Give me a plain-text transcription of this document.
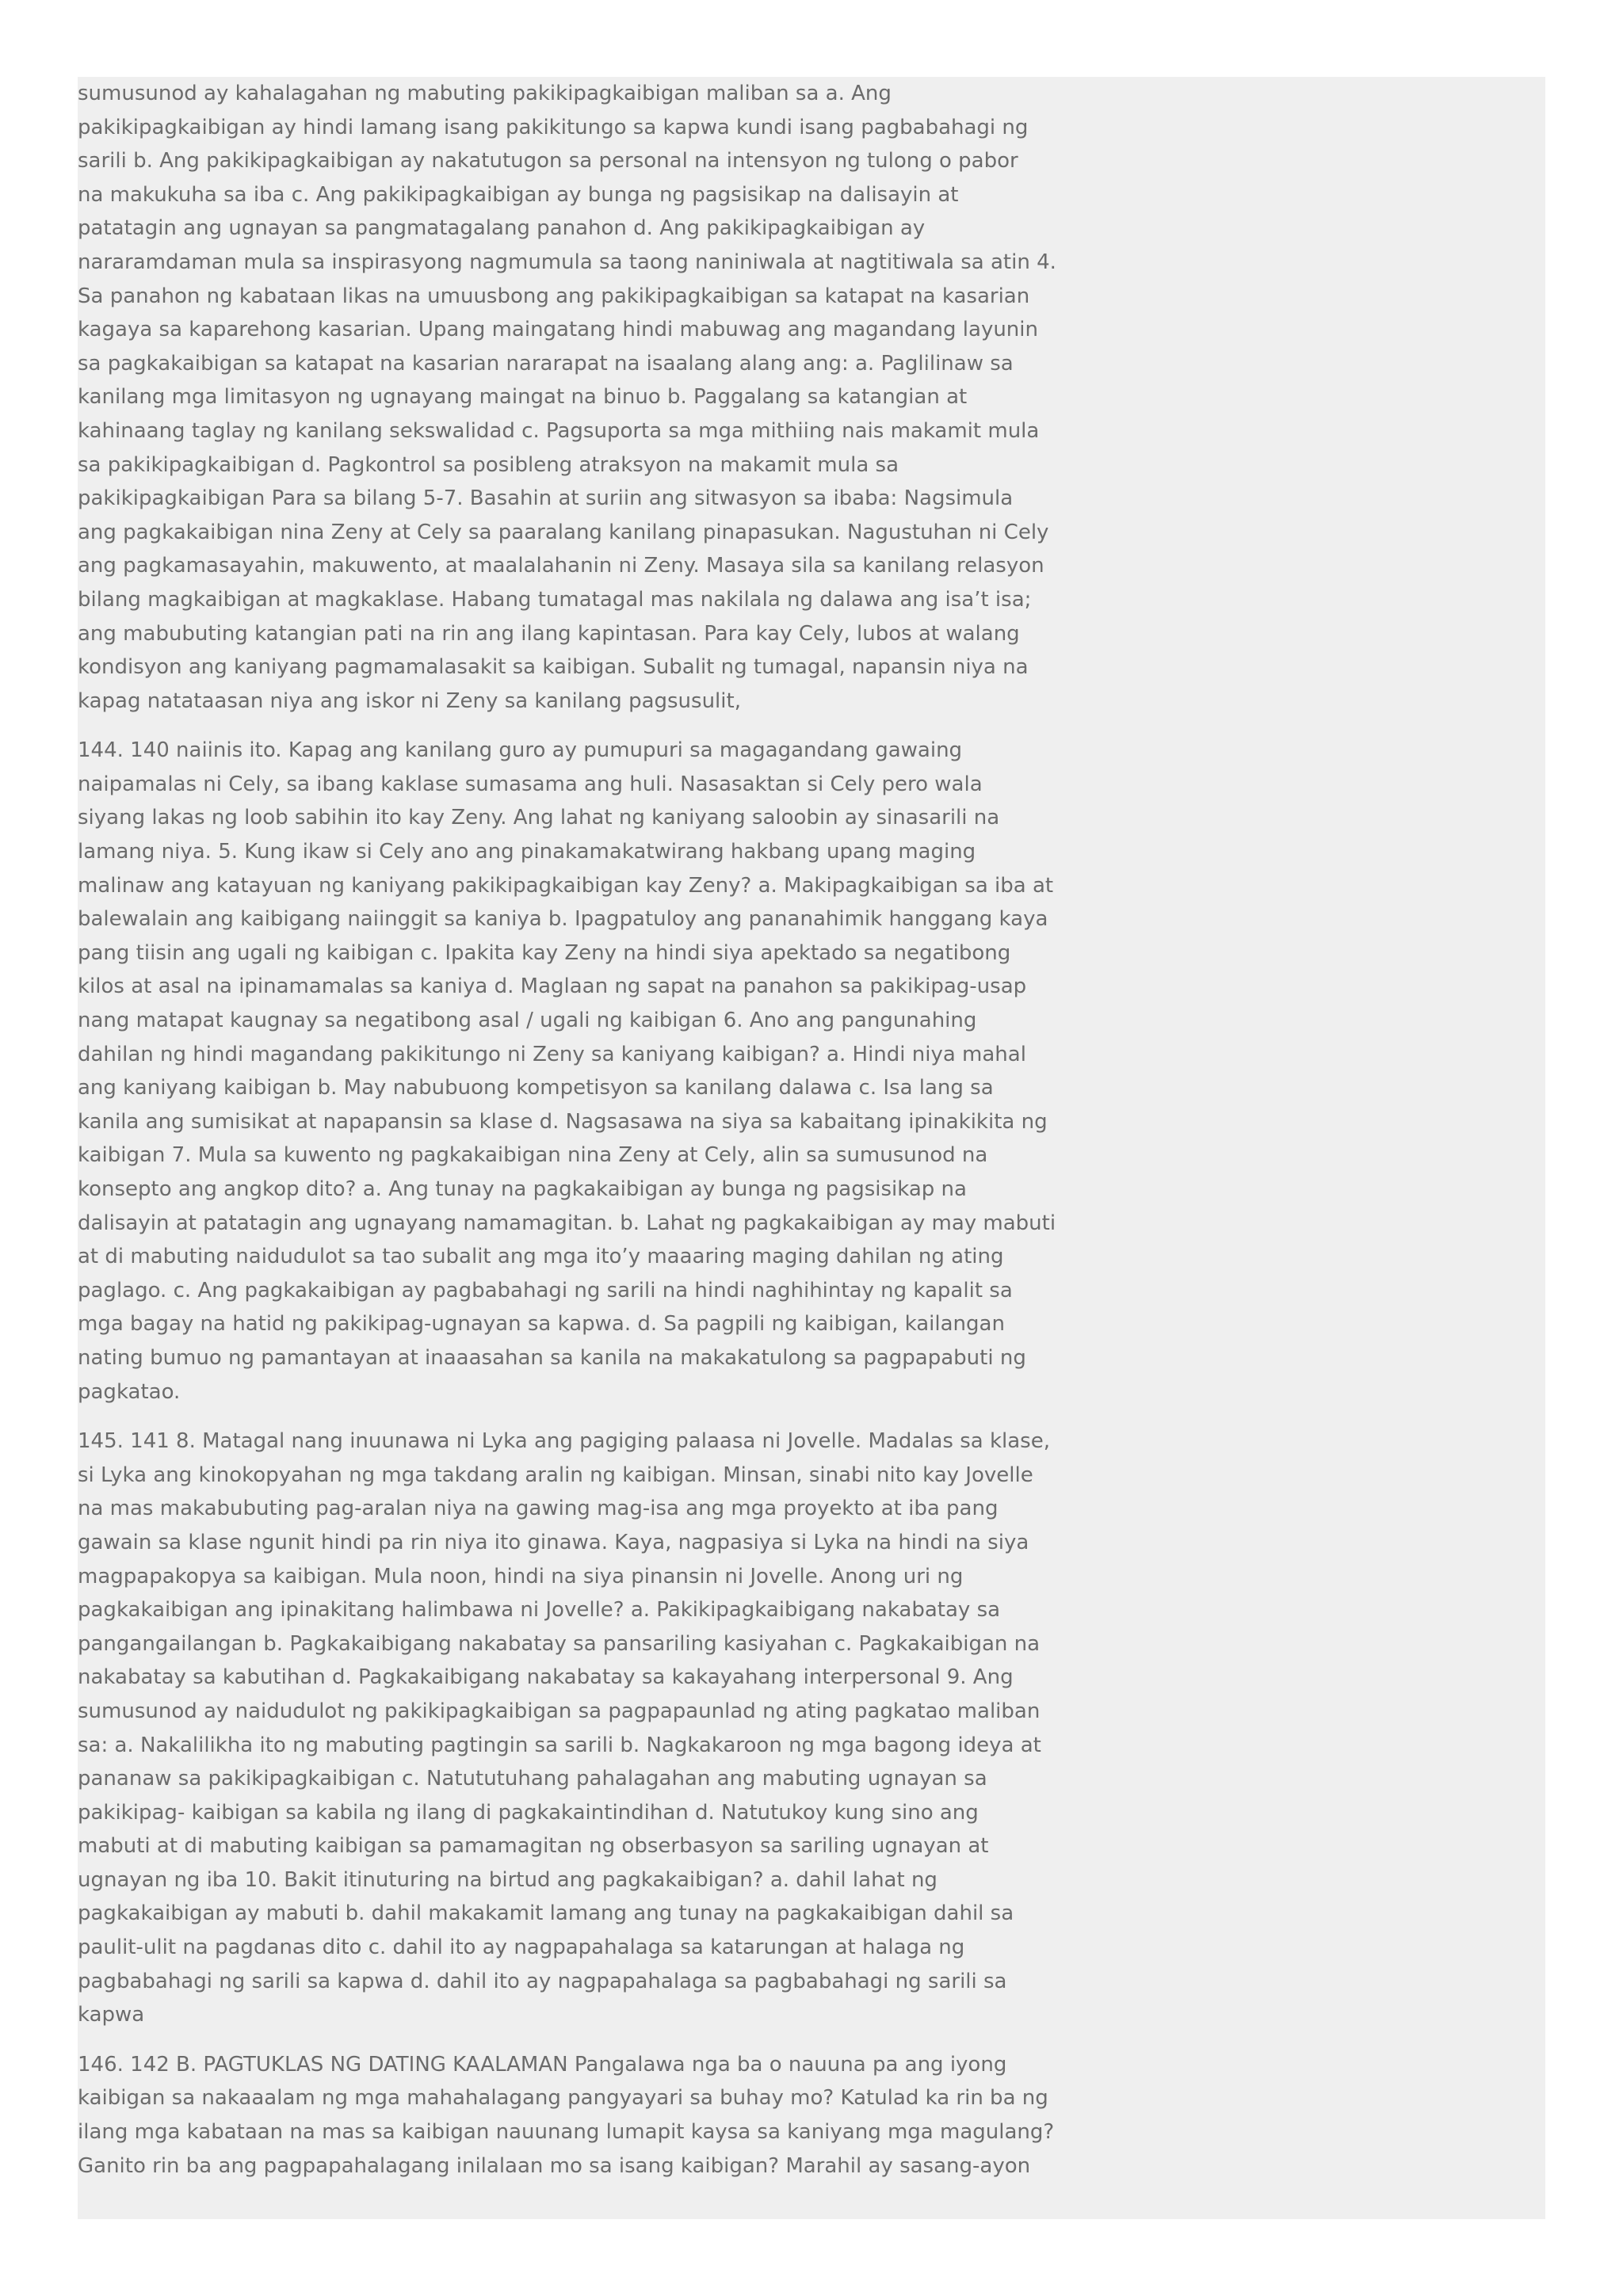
sumusunod ay kahalagahan ng mabuting pakikipagkaibigan maliban sa a. Ang
pakikipagkaibigan ay hindi lamang isang pakikitungo sa kapwa kundi isang pagbabahagi ng
sarili b. Ang pakikipagkaibigan ay nakatutugon sa personal na intensyon ng tulong o pabor
na makukuha sa iba c. Ang pakikipagkaibigan ay bunga ng pagsisikap na dalisayin at
patatagin ang ugnayan sa pangmatagalang panahon d. Ang pakikipagkaibigan ay
nararamdaman mula sa inspirasyong nagmumula sa taong naniniwala at nagtitiwala sa atin 4.
Sa panahon ng kabataan likas na umuusbong ang pakikipagkaibigan sa katapat na kasarian
kagaya sa kaparehong kasarian. Upang maingatang hindi mabuwag ang magandang layunin
sa pagkakaibigan sa katapat na kasarian nararapat na isaalang alang ang: a. Paglilinaw sa
kanilang mga limitasyon ng ugnayang maingat na binuo b. Paggalang sa katangian at
kahinaang taglay ng kanilang sekswalidad c. Pagsuporta sa mga mithiing nais makamit mula
sa pakikipagkaibigan d. Pagkontrol sa posibleng atraksyon na makamit mula sa
pakikipagkaibigan Para sa bilang 5-7. Basahin at suriin ang sitwasyon sa ibaba: Nagsimula
ang pagkakaibigan nina Zeny at Cely sa paaralang kanilang pinapasukan. Nagustuhan ni Cely
ang pagkamasayahin, makuwento, at maalalahanin ni Zeny. Masaya sila sa kanilang relasyon
bilang magkaibigan at magkaklase. Habang tumatagal mas nakilala ng dalawa ang isa’t isa;
ang mabubuting katangian pati na rin ang ilang kapintasan. Para kay Cely, lubos at walang
kondisyon ang kaniyang pagmamalasakit sa kaibigan. Subalit ng tumagal, napansin niya na
kapag natataasan niya ang iskor ni Zeny sa kanilang pagsusulit,
144. 140 naiinis ito. Kapag ang kanilang guro ay pumupuri sa magagandang gawaing
naipamalas ni Cely, sa ibang kaklase sumasama ang huli. Nasasaktan si Cely pero wala
siyang lakas ng loob sabihin ito kay Zeny. Ang lahat ng kaniyang saloobin ay sinasarili na
lamang niya. 5. Kung ikaw si Cely ano ang pinakamakatwirang hakbang upang maging
malinaw ang katayuan ng kaniyang pakikipagkaibigan kay Zeny? a. Makipagkaibigan sa iba at
balewalain ang kaibigang naiinggit sa kaniya b. Ipagpatuloy ang pananahimik hanggang kaya
pang tiisin ang ugali ng kaibigan c. Ipakita kay Zeny na hindi siya apektado sa negatibong
kilos at asal na ipinamamalas sa kaniya d. Maglaan ng sapat na panahon sa pakikipag-usap
nang matapat kaugnay sa negatibong asal / ugali ng kaibigan 6. Ano ang pangunahing
dahilan ng hindi magandang pakikitungo ni Zeny sa kaniyang kaibigan? a. Hindi niya mahal
ang kaniyang kaibigan b. May nabubuong kompetisyon sa kanilang dalawa c. Isa lang sa
kanila ang sumisikat at napapansin sa klase d. Nagsasawa na siya sa kabaitang ipinakikita ng
kaibigan 7. Mula sa kuwento ng pagkakaibigan nina Zeny at Cely, alin sa sumusunod na
konsepto ang angkop dito? a. Ang tunay na pagkakaibigan ay bunga ng pagsisikap na
dalisayin at patatagin ang ugnayang namamagitan. b. Lahat ng pagkakaibigan ay may mabuti
at di mabuting naidudulot sa tao subalit ang mga ito’y maaaring maging dahilan ng ating
paglago. c. Ang pagkakaibigan ay pagbabahagi ng sarili na hindi naghihintay ng kapalit sa
mga bagay na hatid ng pakikipag-ugnayan sa kapwa. d. Sa pagpili ng kaibigan, kailangan
nating bumuo ng pamantayan at inaaasahan sa kanila na makakatulong sa pagpapabuti ng
pagkatao.
145. 141 8. Matagal nang inuunawa ni Lyka ang pagiging palaasa ni Jovelle. Madalas sa klase,
si Lyka ang kinokopyahan ng mga takdang aralin ng kaibigan. Minsan, sinabi nito kay Jovelle
na mas makabubuting pag-aralan niya na gawing mag-isa ang mga proyekto at iba pang
gawain sa klase ngunit hindi pa rin niya ito ginawa. Kaya, nagpasiya si Lyka na hindi na siya
magpapakopya sa kaibigan. Mula noon, hindi na siya pinansin ni Jovelle. Anong uri ng
pagkakaibigan ang ipinakitang halimbawa ni Jovelle? a. Pakikipagkaibigang nakabatay sa
pangangailangan b. Pagkakaibigang nakabatay sa pansariling kasiyahan c. Pagkakaibigan na
nakabatay sa kabutihan d. Pagkakaibigang nakabatay sa kakayahang interpersonal 9. Ang
sumusunod ay naidudulot ng pakikipagkaibigan sa pagpapaunlad ng ating pagkatao maliban
sa: a. Nakalilikha ito ng mabuting pagtingin sa sarili b. Nagkakaroon ng mga bagong ideya at
pananaw sa pakikipagkaibigan c. Natututuhang pahalagahan ang mabuting ugnayan sa
pakikipag- kaibigan sa kabila ng ilang di pagkakaintindihan d. Natutukoy kung sino ang
mabuti at di mabuting kaibigan sa pamamagitan ng obserbasyon sa sariling ugnayan at
ugnayan ng iba 10. Bakit itinuturing na birtud ang pagkakaibigan? a. dahil lahat ng
pagkakaibigan ay mabuti b. dahil makakamit lamang ang tunay na pagkakaibigan dahil sa
paulit-ulit na pagdanas dito c. dahil ito ay nagpapahalaga sa katarungan at halaga ng
pagbabahagi ng sarili sa kapwa d. dahil ito ay nagpapahalaga sa pagbabahagi ng sarili sa
kapwa
146. 142 B. PAGTUKLAS NG DATING KAALAMAN Pangalawa nga ba o nauuna pa ang iyong
kaibigan sa nakaaalam ng mga mahahalagang pangyayari sa buhay mo? Katulad ka rin ba ng
ilang mga kabataan na mas sa kaibigan nauunang lumapit kaysa sa kaniyang mga magulang?
Ganito rin ba ang pagpapahalagang inilalaan mo sa isang kaibigan? Marahil ay sasang-ayon
